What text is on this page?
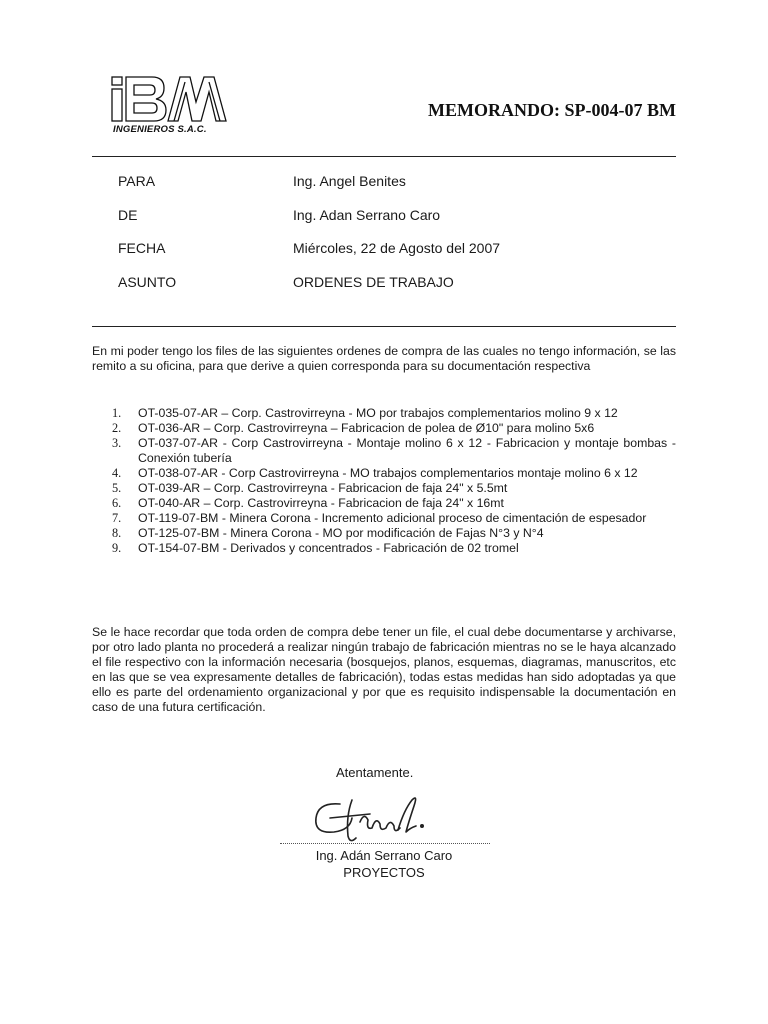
INGENIEROS S.A.C.
MEMORANDO: SP-004-07 BM
PARA	Ing. Angel Benites
DE	Ing. Adan Serrano Caro
FECHA	Miércoles, 22 de Agosto del 2007
ASUNTO	ORDENES DE TRABAJO

En mi poder tengo los files de las siguientes ordenes de compra de las cuales no tengo información, se las remito a su oficina, para que derive a quien corresponda para su documentación respectiva

1. OT-035-07-AR – Corp. Castrovirreyna - MO por trabajos complementarios molino 9 x 12
2. OT-036-AR – Corp. Castrovirreyna – Fabricacion de polea de Ø10" para molino 5x6
3. OT-037-07-AR - Corp Castrovirreyna - Montaje molino 6 x 12 - Fabricacion y montaje bombas - Conexión tubería
4. OT-038-07-AR - Corp Castrovirreyna - MO trabajos complementarios montaje molino 6 x 12
5. OT-039-AR – Corp. Castrovirreyna - Fabricacion de faja 24" x 5.5mt
6. OT-040-AR – Corp. Castrovirreyna - Fabricacion de faja 24" x 16mt
7. OT-119-07-BM - Minera Corona - Incremento adicional proceso de cimentación de espesador
8. OT-125-07-BM - Minera Corona - MO por modificación de Fajas N°3 y N°4
9. OT-154-07-BM - Derivados y concentrados - Fabricación de 02 tromel

Se le hace recordar que toda orden de compra debe tener un file, el cual debe documentarse y archivarse, por otro lado planta no procederá a realizar ningún trabajo de fabricación mientras no se le haya alcanzado el file respectivo con la información necesaria (bosquejos, planos, esquemas, diagramas, manuscritos, etc en las que se vea expresamente detalles de fabricación), todas estas medidas han sido adoptadas ya que ello es parte del ordenamiento organizacional y por que es requisito indispensable la documentación en caso de una futura certificación.

Atentamente.
Ing. Adán Serrano Caro
PROYECTOS
